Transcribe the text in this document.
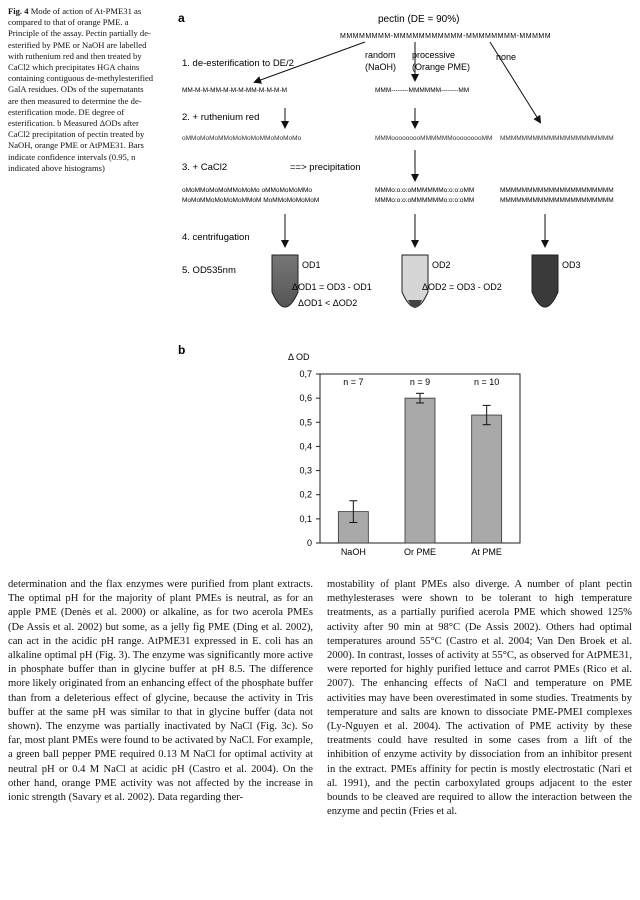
Fig. 4 Mode of action of At-PME31 as compared to that of orange PME. a Principle of the assay. Pectin partially de-esterified by PME or NaOH are labelled with ruthenium red and then treated by CaCl2 which precipitates HGA chains containing contiguous de-methylesterified GalA residues. ODs of the supernatants are then measured to determine the de-esterification mode. DE degree of esterification. b Measured ΔODs after CaCl2 precipitation of pectin treated by NaOH, orange PME or AtPME31. Bars indicate confidence intervals (0.95, n indicated above histograms)
a	pectin (DE = 90%)
MMMMMMMM-MMMMMMMMMMM-MMMMMMMM-MMMMM
1. de-esterification to DE/2
random
(NaOH)
processive
(Orange PME)
none
MM-M-M-MM-M-M-M-MM-M-M-M-M	MMM--------MMMMMM--------MM
2. + ruthenium red
oMMoMoMoMMoMoMoMoMMoMoMoMo	MMMooooooooMMMMMMooooooooMM MMMMMMMMMMMMMMMMMMMMM
3. + CaCl2	==> precipitation
oMoMMoMoMoMMoMoMo oMMoMoMoMMo
MoMoMMoMoMoMoMMoM MoMMoMoMoMoM
MMMo:o:o:oMMMMMMo:o:o:oMM
MMMo:o:o:oMMMMMMo:o:o:oMM
MMMMMMMMMMMMMMMMMMMMM
MMMMMMMMMMMMMMMMMMMMM
4. centrifugation
5. OD535nm	OD1
ΔOD1 = OD3 - OD1
ΔOD1 < ΔOD2
OD2
ΔOD2 = OD3 - OD2
OD3
b	Δ OD
0
0,1
0,2
0,3
0,4
0,5
0,6
0,7
NaOH
n = 7
Or PME
n = 9
At PME
n = 10

determination and the flax enzymes were purified from plant extracts. The optimal pH for the majority of plant PMEs is neutral, as for an apple PME (Denès et al. 2000) or alkaline, as for two acerola PMEs (De Assis et al. 2002) but some, as a jelly fig PME (Ding et al. 2002), can act in the acidic pH range. AtPME31 expressed in E. coli has an alkaline optimal pH (Fig. 3). The enzyme was significantly more active in phosphate buffer than in glycine buffer at pH 8.5. The difference more likely originated from an enhancing effect of the phosphate buffer than from a deleterious effect of glycine, because the activity in Tris buffer at the same pH was similar to that in glycine buffer (data not shown). The enzyme was partially inactivated by NaCl (Fig. 3c). So far, most plant PMEs were found to be activated by NaCl. For example, a green ball pepper PME required 0.13 M NaCl for optimal activity at neutral pH or 0.4 M NaCl at acidic pH (Castro et al. 2004). On the other hand, orange PME activity was not affected by the increase in ionic strength (Savary et al. 2002). Data regarding ther-

mostability of plant PMEs also diverge. A number of plant pectin methylesterases were shown to be tolerant to high temperature treatments, as a partially purified acerola PME which showed 125% activity after 90 min at 98°C (De Assis 2002). Others had optimal temperatures around 55°C (Castro et al. 2004; Van Den Broek et al. 2000). In contrast, losses of activity at 55°C, as observed for AtPME31, were reported for highly purified lettuce and carrot PMEs (Rico et al. 2007). The enhancing effects of NaCl and temperature on PME activities may have been overestimated in some studies. Treatments by temperature and salts are known to dissociate PME-PMEI complexes (Ly-Nguyen et al. 2004). The activation of PME activity by these treatments could have resulted in some cases from a lift of the inhibition of enzyme activity by dissociation from an inhibitor present in the extract. PMEs affinity for pectin is mostly electrostatic (Nari et al. 1991), and the pectin carboxylated groups adjacent to the ester bounds to be cleaved are required to allow the interaction between the enzyme and pectin (Fries et al.
